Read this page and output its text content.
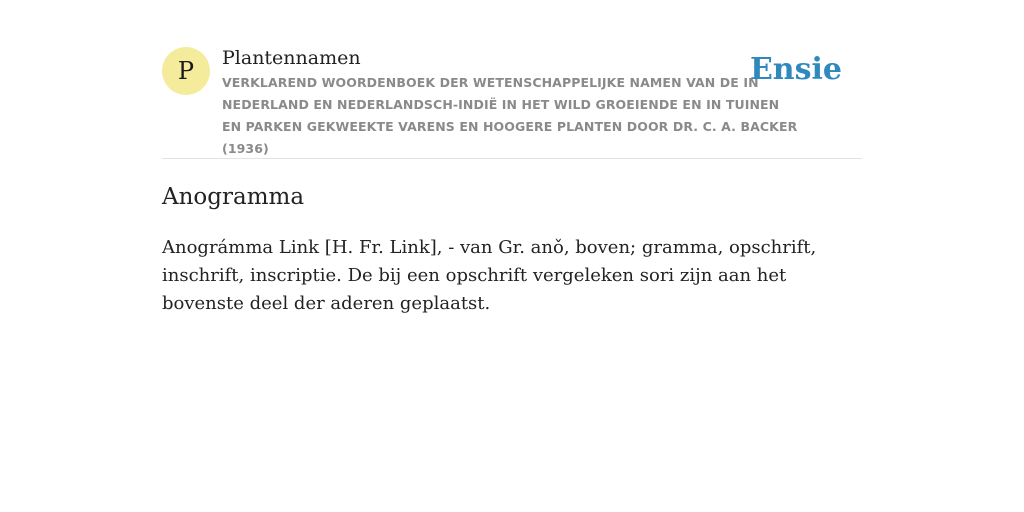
P	Plantennamen
VERKLAREND WOORDENBOEK DER WETENSCHAPPELIJKE NAMEN VAN DE IN NEDERLAND EN NEDERLANDSCH-INDIË IN HET WILD GROEIENDE EN IN TUINEN EN PARKEN GEKWEEKTE VARENS EN HOOGERE PLANTEN DOOR DR. C. A. BACKER (1936)
Ensie
Anogramma

Anográmma Link [H. Fr. Link], - van Gr. anǒ, boven; gramma, opschrift, inschrift, inscriptie. De bij een opschrift vergeleken sori zijn aan het bovenste deel der aderen geplaatst.
